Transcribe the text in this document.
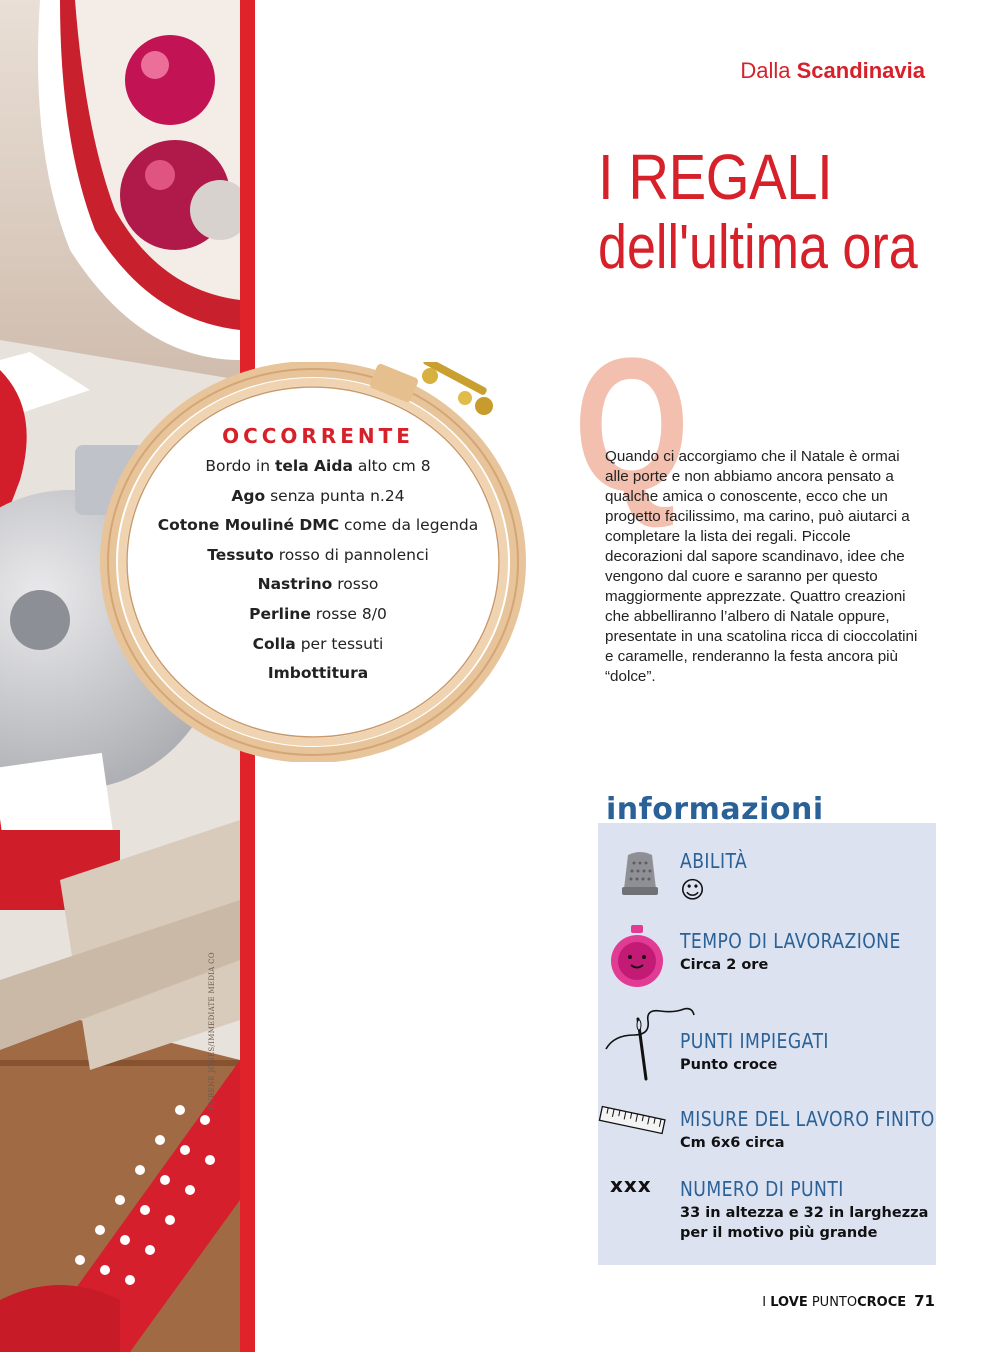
DURENE JONES/IMMEDIATE MEDIA CO
OCCORRENTE
Bordo in tela Aida alto cm 8
Ago senza punta n.24
Cotone Mouliné DMC come da legenda
Tessuto rosso di pannolenci
Nastrino rosso
Perline rosse 8/0
Colla per tessuti
Imbottitura
Dalla Scandinavia
I REGALI
dell'ultima ora
Q

Quando ci accorgiamo che il Natale è ormai alle porte e non abbiamo ancora pensato a qualche amica o conoscente, ecco che un progetto facilissimo, ma carino, può aiutarci a completare la lista dei regali. Piccole decorazioni dal sapore scandinavo, idee che vengono dal cuore e saranno per questo maggiormente apprezzate. Quattro creazioni che abbelliranno l’albero di Natale oppure, presentate in una scatolina ricca di cioccolatini e caramelle, renderanno la festa ancora più “dolce”.

ABILITÀ
☺
TEMPO DI LAVORAZIONE
Circa 2 ore
PUNTI IMPIEGATI
Punto croce
MISURE DEL LAVORO FINITO
Cm 6x6 circa
xxx NUMERO DI PUNTI
33 in altezza e 32 in larghezza
per il motivo più grande
informazioni
I LOVE PUNTOCROCE 71
